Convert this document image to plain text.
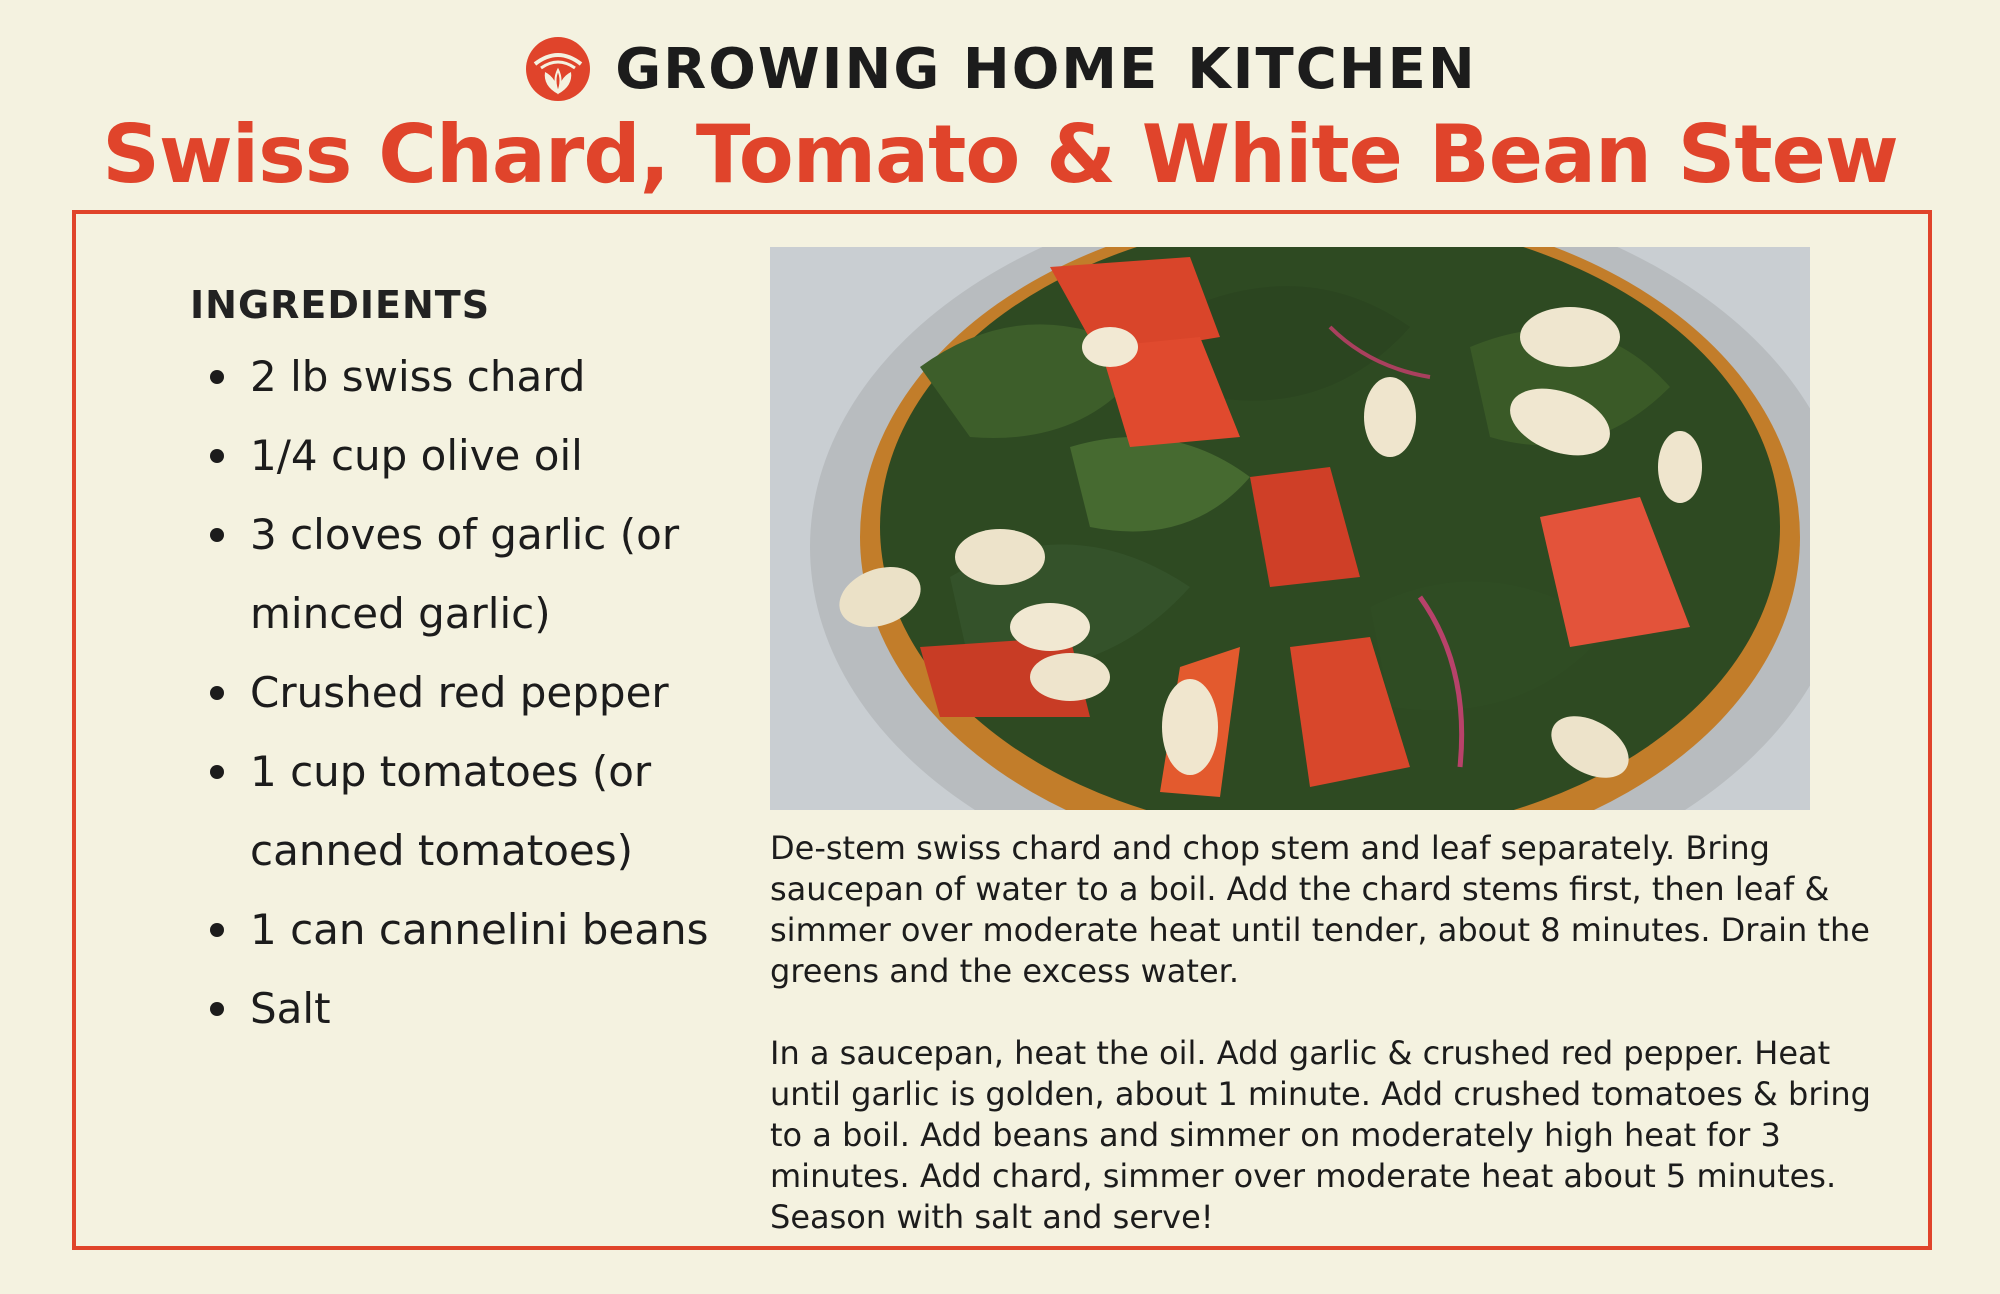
GROWING HOME KITCHEN
Swiss Chard, Tomato & White Bean Stew
INGREDIENTS
2 lb swiss chard
1/4 cup olive oil
3 cloves of garlic (or minced garlic)
Crushed red pepper
1 cup tomatoes (or canned tomatoes)
1 can cannelini beans
Salt

De-stem swiss chard and chop stem and leaf separately. Bring saucepan of water to a boil. Add the chard stems first, then leaf & simmer over moderate heat until tender, about 8 minutes. Drain the greens and the excess water.

In a saucepan, heat the oil. Add garlic & crushed red pepper. Heat until garlic is golden, about 1 minute. Add crushed tomatoes & bring to a boil. Add beans and simmer on moderately high heat for 3 minutes. Add chard, simmer over moderate heat about 5 minutes. Season with salt and serve!
